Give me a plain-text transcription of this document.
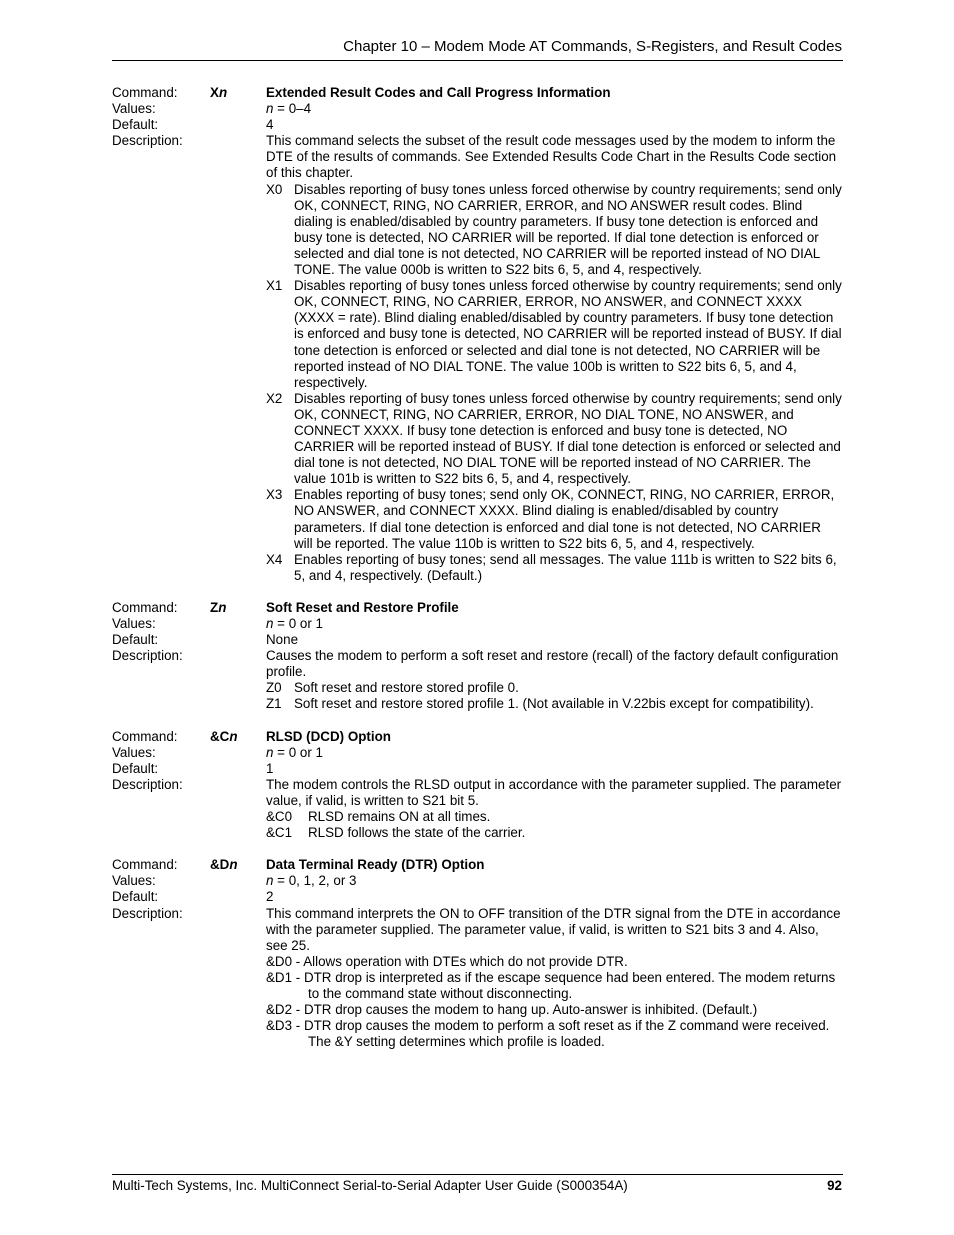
Chapter 10 – Modem Mode AT Commands, S-Registers, and Result Codes
Command: Xn	Extended Result Codes and Call Progress Information
Values:	n = 0–4
Default:	4
Description:	This command selects the subset of the result code messages used by the modem to inform the DTE of the results of commands. See Extended Results Code Chart in the Results Code section of this chapter.
X0 Disables reporting of busy tones unless forced otherwise by country requirements; send only OK, CONNECT, RING, NO CARRIER, ERROR, and NO ANSWER result codes. Blind dialing is enabled/disabled by country parameters. If busy tone detection is enforced and busy tone is detected, NO CARRIER will be reported. If dial tone detection is enforced or selected and dial tone is not detected, NO CARRIER will be reported instead of NO DIAL TONE. The value 000b is written to S22 bits 6, 5, and 4, respectively.
X1 Disables reporting of busy tones unless forced otherwise by country requirements; send only OK, CONNECT, RING, NO CARRIER, ERROR, NO ANSWER, and CONNECT XXXX (XXXX = rate). Blind dialing enabled/disabled by country parameters. If busy tone detection is enforced and busy tone is detected, NO CARRIER will be reported instead of BUSY. If dial tone detection is enforced or selected and dial tone is not detected, NO CARRIER will be reported instead of NO DIAL TONE. The value 100b is written to S22 bits 6, 5, and 4, respectively.
X2 Disables reporting of busy tones unless forced otherwise by country requirements; send only OK, CONNECT, RING, NO CARRIER, ERROR, NO DIAL TONE, NO ANSWER, and CONNECT XXXX. If busy tone detection is enforced and busy tone is detected, NO CARRIER will be reported instead of BUSY. If dial tone detection is enforced or selected and dial tone is not detected, NO DIAL TONE will be reported instead of NO CARRIER. The value 101b is written to S22 bits 6, 5, and 4, respectively.
X3 Enables reporting of busy tones; send only OK, CONNECT, RING, NO CARRIER, ERROR, NO ANSWER, and CONNECT XXXX. Blind dialing is enabled/disabled by country parameters. If dial tone detection is enforced and dial tone is not detected, NO CARRIER will be reported. The value 110b is written to S22 bits 6, 5, and 4, respectively.
X4 Enables reporting of busy tones; send all messages. The value 111b is written to S22 bits 6, 5, and 4, respectively. (Default.)
Command: Zn	Soft Reset and Restore Profile
Values:	n = 0 or 1
Default:	None
Description:	Causes the modem to perform a soft reset and restore (recall) of the factory default configuration profile.
Z0 Soft reset and restore stored profile 0.
Z1 Soft reset and restore stored profile 1. (Not available in V.22bis except for compatibility).
Command: &Cn RLSD (DCD) Option
Values:	n = 0 or 1
Default:	1
Description:	The modem controls the RLSD output in accordance with the parameter supplied. The parameter value, if valid, is written to S21 bit 5.
&C0	RLSD remains ON at all times.
&C1	RLSD follows the state of the carrier.
Command: &Dn Data Terminal Ready (DTR) Option
Values:	n = 0, 1, 2, or 3
Default:	2
Description:	This command interprets the ON to OFF transition of the DTR signal from the DTE in accordance with the parameter supplied. The parameter value, if valid, is written to S21 bits 3 and 4. Also, see 25.
&D0 - Allows operation with DTEs which do not provide DTR.
&D1 - DTR drop is interpreted as if the escape sequence had been entered. The modem returns to the command state without disconnecting.
&D2 - DTR drop causes the modem to hang up. Auto-answer is inhibited. (Default.)
&D3 - DTR drop causes the modem to perform a soft reset as if the Z command were received. The &Y setting determines which profile is loaded.
Multi-Tech Systems, Inc. MultiConnect Serial-to-Serial Adapter User Guide (S000354A)	92
